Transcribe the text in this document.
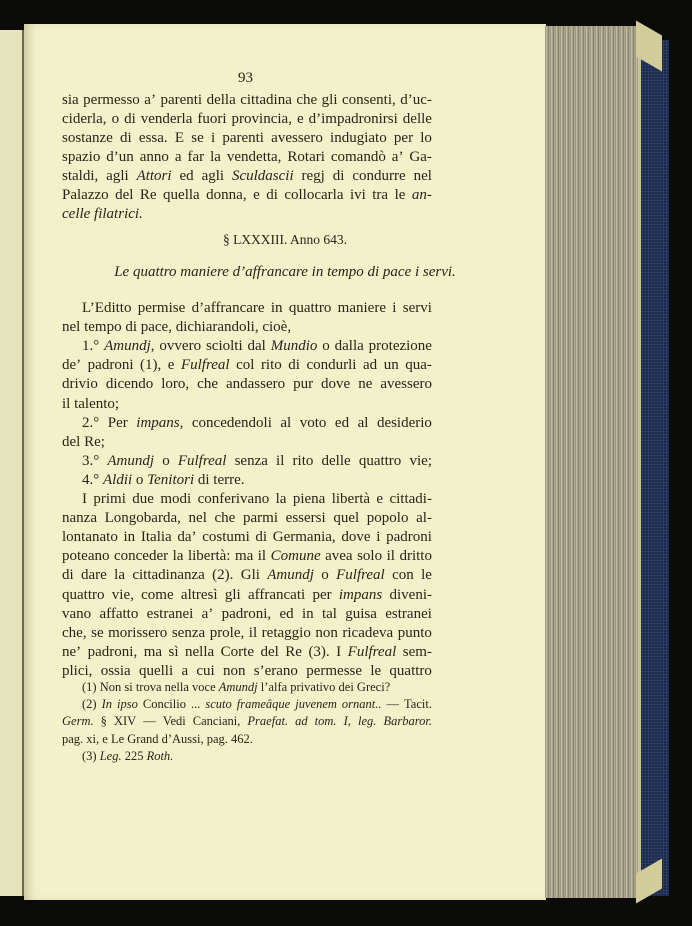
93
sia permesso a’ parenti della cittadina che gli consenti, d’uc-
ciderla, o di venderla fuori provincia, e d’impadronirsi delle
sostanze di essa. E se i parenti avessero indugiato per lo
spazio d’un anno a far la vendetta, Rotari comandò a’ Ga-
staldi, agli Attori ed agli Sculdascii regj di condurre nel
Palazzo del Re quella donna, e di collocarla ivi tra le an-
celle filatrici.
§ LXXXIII. Anno 643.
Le quattro maniere d’affrancare in tempo di pace i servi.
L’Editto permise d’affrancare in quattro maniere i servi
nel tempo di pace, dichiarandoli, cioè,
1.° Amundj, ovvero sciolti dal Mundio o dalla protezione
de’ padroni (1), e Fulfreal col rito di condurli ad un qua-
drivio dicendo loro, che andassero pur dove ne avessero
il talento;
2.° Per impans, concedendoli al voto ed al desiderio
del Re;
3.° Amundj o Fulfreal senza il rito delle quattro vie;
4.° Aldii o Tenitori di terre.
I primi due modi conferivano la piena libertà e cittadi-
nanza Longobarda, nel che parmi essersi quel popolo al-
lontanato in Italia da’ costumi di Germania, dove i padroni
poteano conceder la libertà: ma il Comune avea solo il dritto
di dare la cittadinanza (2). Gli Amundj o Fulfreal con le
quattro vie, come altresì gli affrancati per impans diveni-
vano affatto estranei a’ padroni, ed in tal guisa estranei
che, se morissero senza prole, il retaggio non ricadeva punto
ne’ padroni, ma sì nella Corte del Re (3). I Fulfreal sem-
plici, ossia quelli a cui non s’erano permesse le quattro
(1) Non si trova nella voce Amundj l’alfa privativo dei Greci?
(2) In ipso Concilio ... scuto frameâque juvenem ornant.. — Tacit.
Germ. § XIV — Vedi Canciani, Praefat. ad tom. I, leg. Barbaror.
pag. xi, e Le Grand d’Aussi, pag. 462.
(3) Leg. 225 Roth.
